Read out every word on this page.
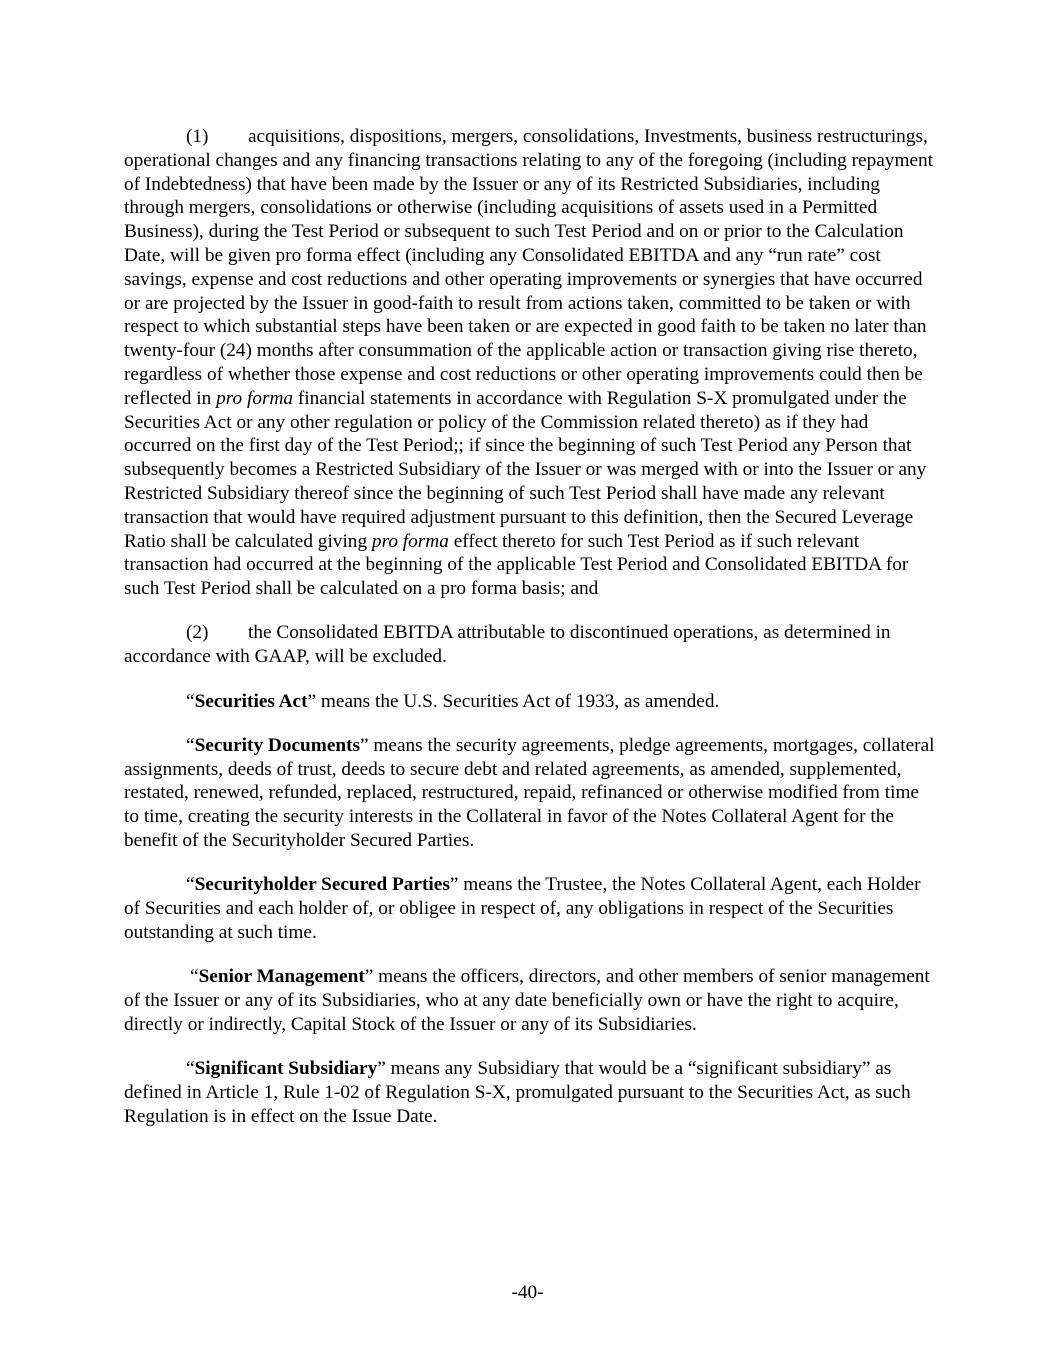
(1) acquisitions, dispositions, mergers, consolidations, Investments, business restructurings, operational changes and any financing transactions relating to any of the foregoing (including repayment of Indebtedness) that have been made by the Issuer or any of its Restricted Subsidiaries, including through mergers, consolidations or otherwise (including acquisitions of assets used in a Permitted Business), during the Test Period or subsequent to such Test Period and on or prior to the Calculation Date, will be given pro forma effect (including any Consolidated EBITDA and any “run rate” cost savings, expense and cost reductions and other operating improvements or synergies that have occurred or are projected by the Issuer in good-faith to result from actions taken, committed to be taken or with respect to which substantial steps have been taken or are expected in good faith to be taken no later than twenty-four (24) months after consummation of the applicable action or transaction giving rise thereto, regardless of whether those expense and cost reductions or other operating improvements could then be reflected in pro forma financial statements in accordance with Regulation S-X promulgated under the Securities Act or any other regulation or policy of the Commission related thereto) as if they had occurred on the first day of the Test Period;; if since the beginning of such Test Period any Person that subsequently becomes a Restricted Subsidiary of the Issuer or was merged with or into the Issuer or any Restricted Subsidiary thereof since the beginning of such Test Period shall have made any relevant transaction that would have required adjustment pursuant to this definition, then the Secured Leverage Ratio shall be calculated giving pro forma effect thereto for such Test Period as if such relevant transaction had occurred at the beginning of the applicable Test Period and Consolidated EBITDA for such Test Period shall be calculated on a pro forma basis; and

(2) the Consolidated EBITDA attributable to discontinued operations, as determined in accordance with GAAP, will be excluded.

“Securities Act” means the U.S. Securities Act of 1933, as amended.

“Security Documents” means the security agreements, pledge agreements, mortgages, collateral assignments, deeds of trust, deeds to secure debt and related agreements, as amended, supplemented, restated, renewed, refunded, replaced, restructured, repaid, refinanced or otherwise modified from time to time, creating the security interests in the Collateral in favor of the Notes Collateral Agent for the benefit of the Securityholder Secured Parties.

“Securityholder Secured Parties” means the Trustee, the Notes Collateral Agent, each Holder of Securities and each holder of, or obligee in respect of, any obligations in respect of the Securities outstanding at such time.

“Senior Management” means the officers, directors, and other members of senior management of the Issuer or any of its Subsidiaries, who at any date beneficially own or have the right to acquire, directly or indirectly, Capital Stock of the Issuer or any of its Subsidiaries.

“Significant Subsidiary” means any Subsidiary that would be a “significant subsidiary” as defined in Article 1, Rule 1-02 of Regulation S-X, promulgated pursuant to the Securities Act, as such Regulation is in effect on the Issue Date.

-40-
